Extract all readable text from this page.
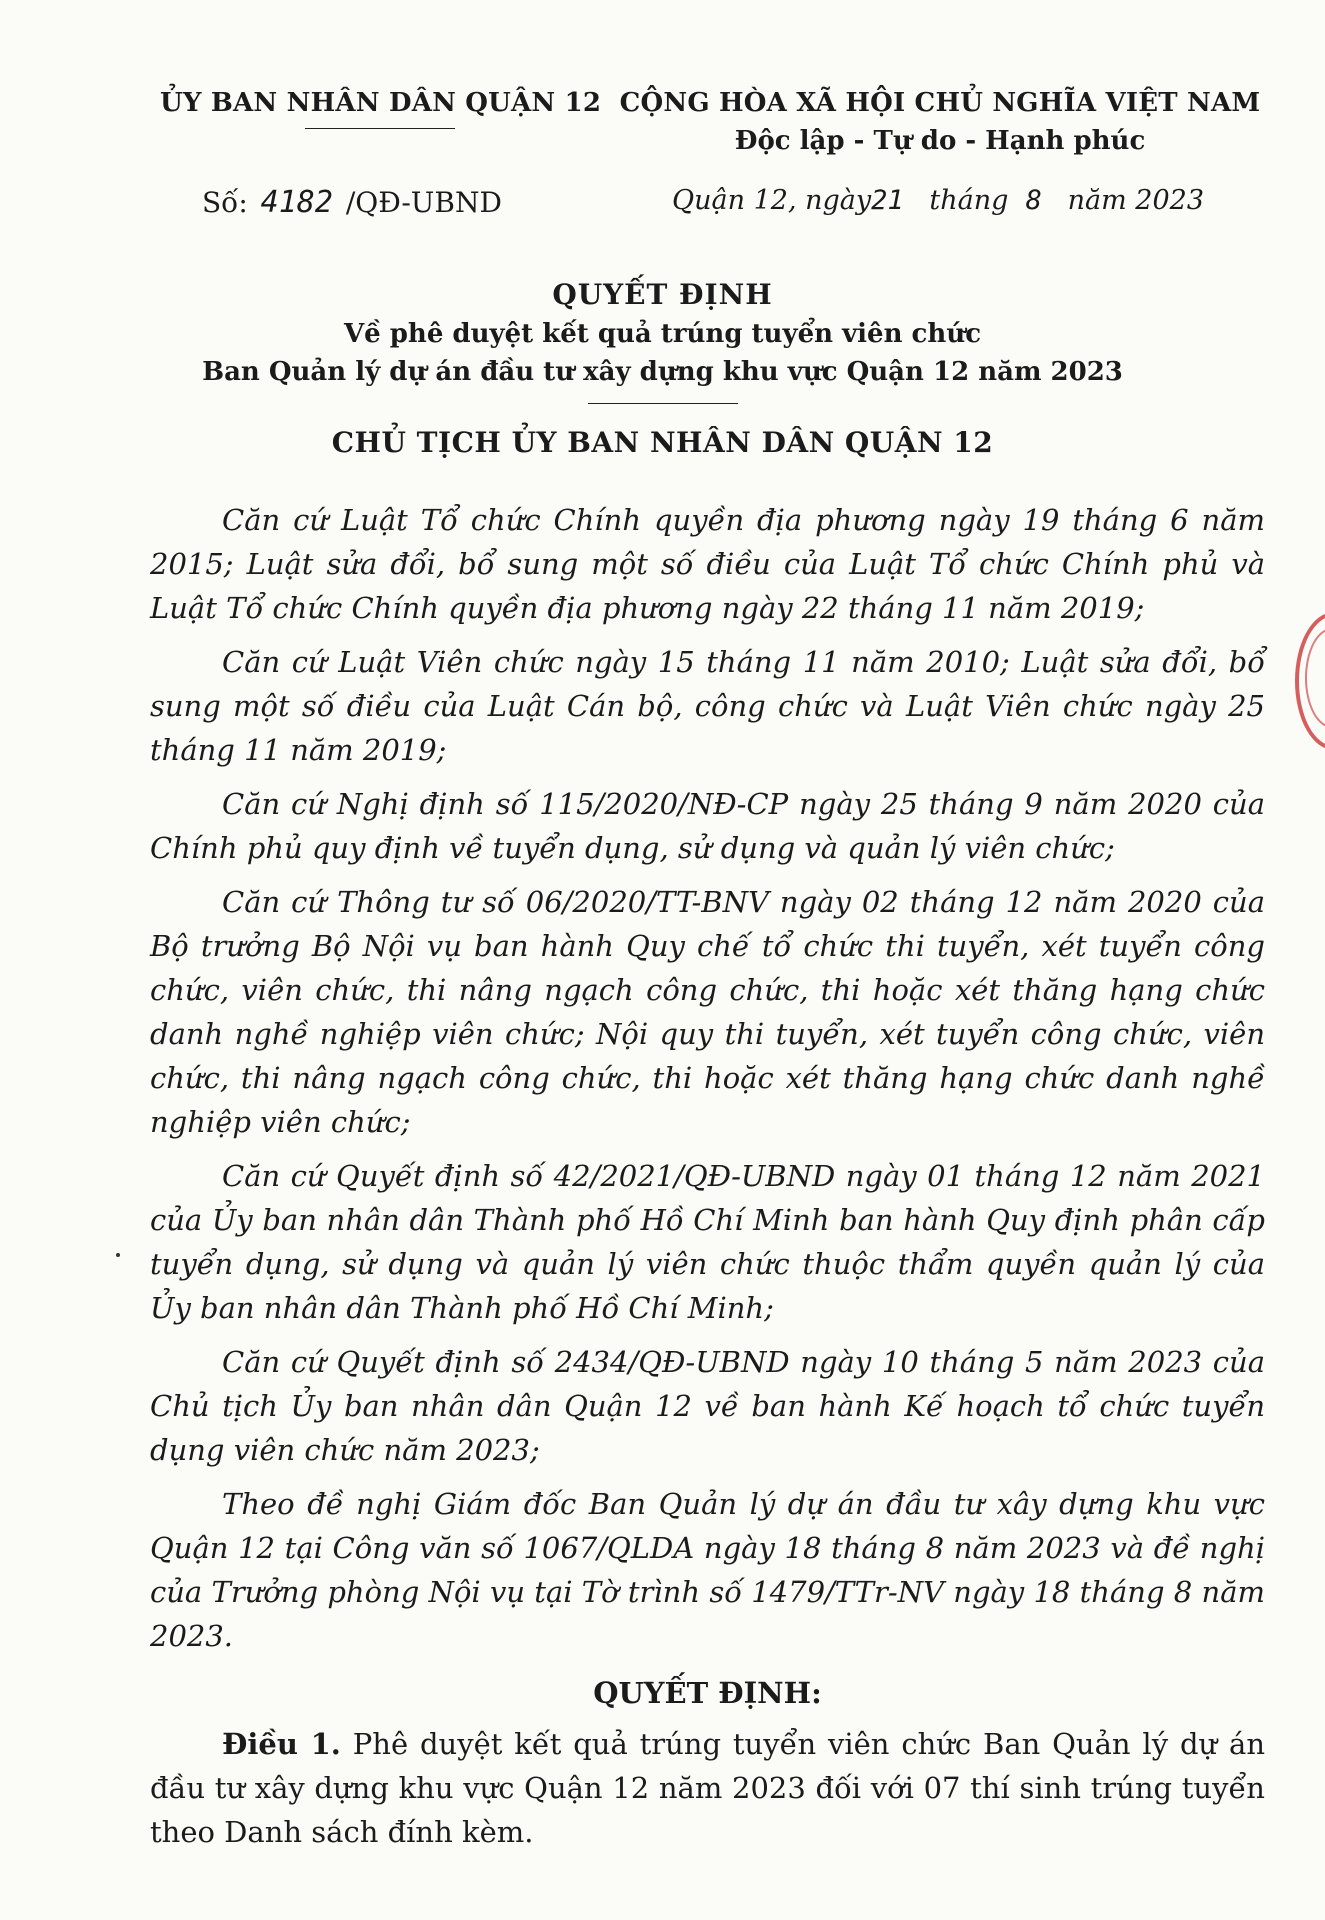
ỦY BAN NHÂN DÂN QUẬN 12 CỘNG HÒA XÃ HỘI CHỦ NGHĨA VIỆT NAM
Độc lập - Tự do - Hạnh phúc
Số: 4182 /QĐ-UBND	Quận 12, ngày21 tháng 8 năm 2023
QUYẾT ĐỊNH
Về phê duyệt kết quả trúng tuyển viên chức
Ban Quản lý dự án đầu tư xây dựng khu vực Quận 12 năm 2023
CHỦ TỊCH ỦY BAN NHÂN DÂN QUẬN 12

Căn cứ Luật Tổ chức Chính quyền địa phương ngày 19 tháng 6 năm 2015; Luật sửa đổi, bổ sung một số điều của Luật Tổ chức Chính phủ và Luật Tổ chức Chính quyền địa phương ngày 22 tháng 11 năm 2019;

Căn cứ Luật Viên chức ngày 15 tháng 11 năm 2010; Luật sửa đổi, bổ sung một số điều của Luật Cán bộ, công chức và Luật Viên chức ngày 25 tháng 11 năm 2019;

Căn cứ Nghị định số 115/2020/NĐ-CP ngày 25 tháng 9 năm 2020 của Chính phủ quy định về tuyển dụng, sử dụng và quản lý viên chức;

Căn cứ Thông tư số 06/2020/TT-BNV ngày 02 tháng 12 năm 2020 của Bộ trưởng Bộ Nội vụ ban hành Quy chế tổ chức thi tuyển, xét tuyển công chức, viên chức, thi nâng ngạch công chức, thi hoặc xét thăng hạng chức danh nghề nghiệp viên chức; Nội quy thi tuyển, xét tuyển công chức, viên chức, thi nâng ngạch công chức, thi hoặc xét thăng hạng chức danh nghề nghiệp viên chức;

Căn cứ Quyết định số 42/2021/QĐ-UBND ngày 01 tháng 12 năm 2021 của Ủy ban nhân dân Thành phố Hồ Chí Minh ban hành Quy định phân cấp tuyển dụng, sử dụng và quản lý viên chức thuộc thẩm quyền quản lý của Ủy ban nhân dân Thành phố Hồ Chí Minh;

Căn cứ Quyết định số 2434/QĐ-UBND ngày 10 tháng 5 năm 2023 của Chủ tịch Ủy ban nhân dân Quận 12 về ban hành Kế hoạch tổ chức tuyển dụng viên chức năm 2023;

Theo đề nghị Giám đốc Ban Quản lý dự án đầu tư xây dựng khu vực Quận 12 tại Công văn số 1067/QLDA ngày 18 tháng 8 năm 2023 và đề nghị của Trưởng phòng Nội vụ tại Tờ trình số 1479/TTr-NV ngày 18 tháng 8 năm 2023.

QUYẾT ĐỊNH:

Điều 1. Phê duyệt kết quả trúng tuyển viên chức Ban Quản lý dự án đầu tư xây dựng khu vực Quận 12 năm 2023 đối với 07 thí sinh trúng tuyển theo Danh sách đính kèm.
